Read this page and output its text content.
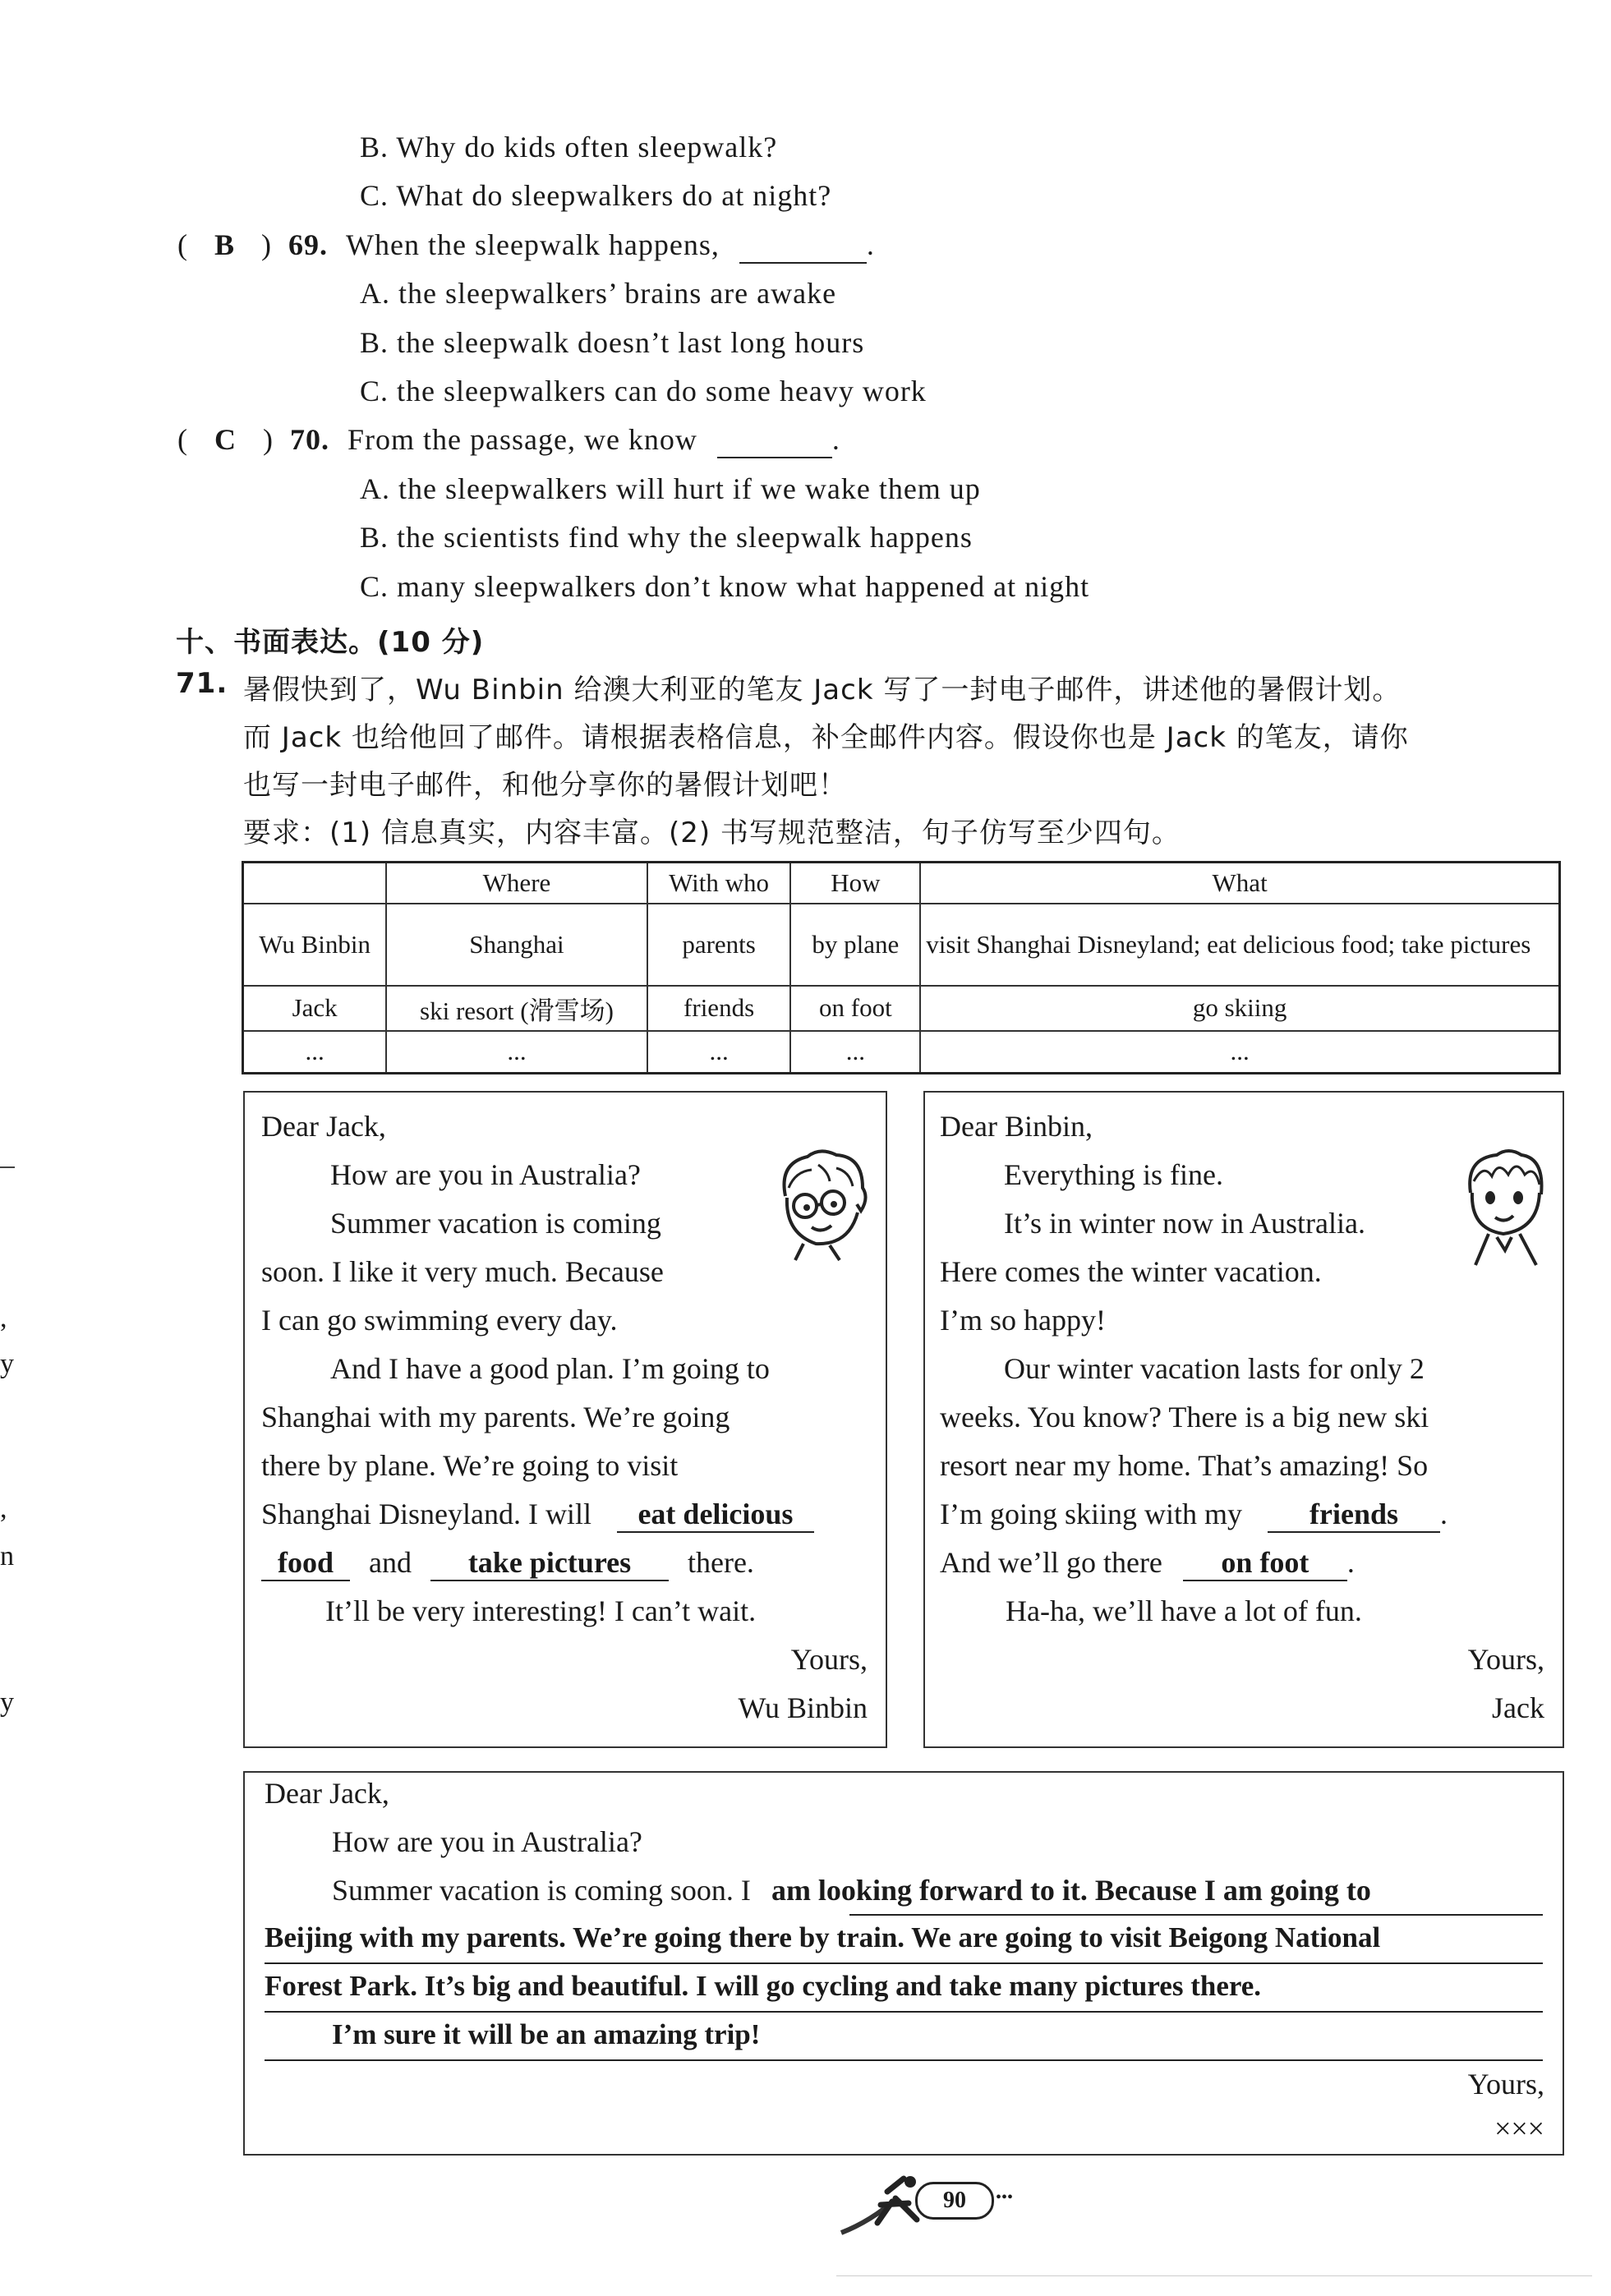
B. Why do kids often sleepwalk?
C. What do sleepwalkers do at night?
( B ) 69. When the sleepwalk happens,	.
A. the sleepwalkers’ brains are awake
B. the sleepwalk doesn’t last long hours
C. the sleepwalkers can do some heavy work
( C ) 70. From the passage, we know	.
A. the sleepwalkers will hurt if we wake them up
B. the scientists find why the sleepwalk happens
C. many sleepwalkers don’t know what happened at night
十、书面表达。(10 分)
71. 暑假快到了，Wu Binbin 给澳大利亚的笔友 Jack 写了一封电子邮件，讲述他的暑假计划。
而 Jack 也给他回了邮件。请根据表格信息，补全邮件内容。假设你也是 Jack 的笔友，请你
也写一封电子邮件，和他分享你的暑假计划吧！
要求：(1) 信息真实，内容丰富。(2) 书写规范整洁，句子仿写至少四句。
	Where	With who	How	What
Wu Binbin	Shanghai	parents	by plane	visit Shanghai Disneyland; eat delicious food; take pictures
Jack	ski resort (滑雪场)	friends	on foot	go skiing
...	...	...	...	...
Dear Jack,
How are you in Australia?
Summer vacation is coming
soon. I like it very much. Because
I can go swimming every day.
And I have a good plan. I’m going to
Shanghai with my parents. We’re going
there by plane. We’re going to visit
Shanghai Disneyland. I will eat delicious
food and take pictures there.
It’ll be very interesting! I can’t wait.
Yours,
Wu Binbin
Dear Binbin,
Everything is fine.
It’s in winter now in Australia.
Here comes the winter vacation.
I’m so happy!
Our winter vacation lasts for only 2
weeks. You know? There is a big new ski
resort near my home. That’s amazing! So
I’m going skiing with my friends .
And we’ll go there on foot .
Ha-ha, we’ll have a lot of fun.
Yours,
Jack
Dear Jack,
How are you in Australia?
Summer vacation is coming soon. I am looking forward to it. Because I am going to
Beijing with my parents. We’re going there by train. We are going to visit Beigong National
Forest Park. It’s big and beautiful. I will go cycling and take many pictures there.
I’m sure it will be an amazing trip!
Yours,
×××
,
y
,
n
y
90	•••
